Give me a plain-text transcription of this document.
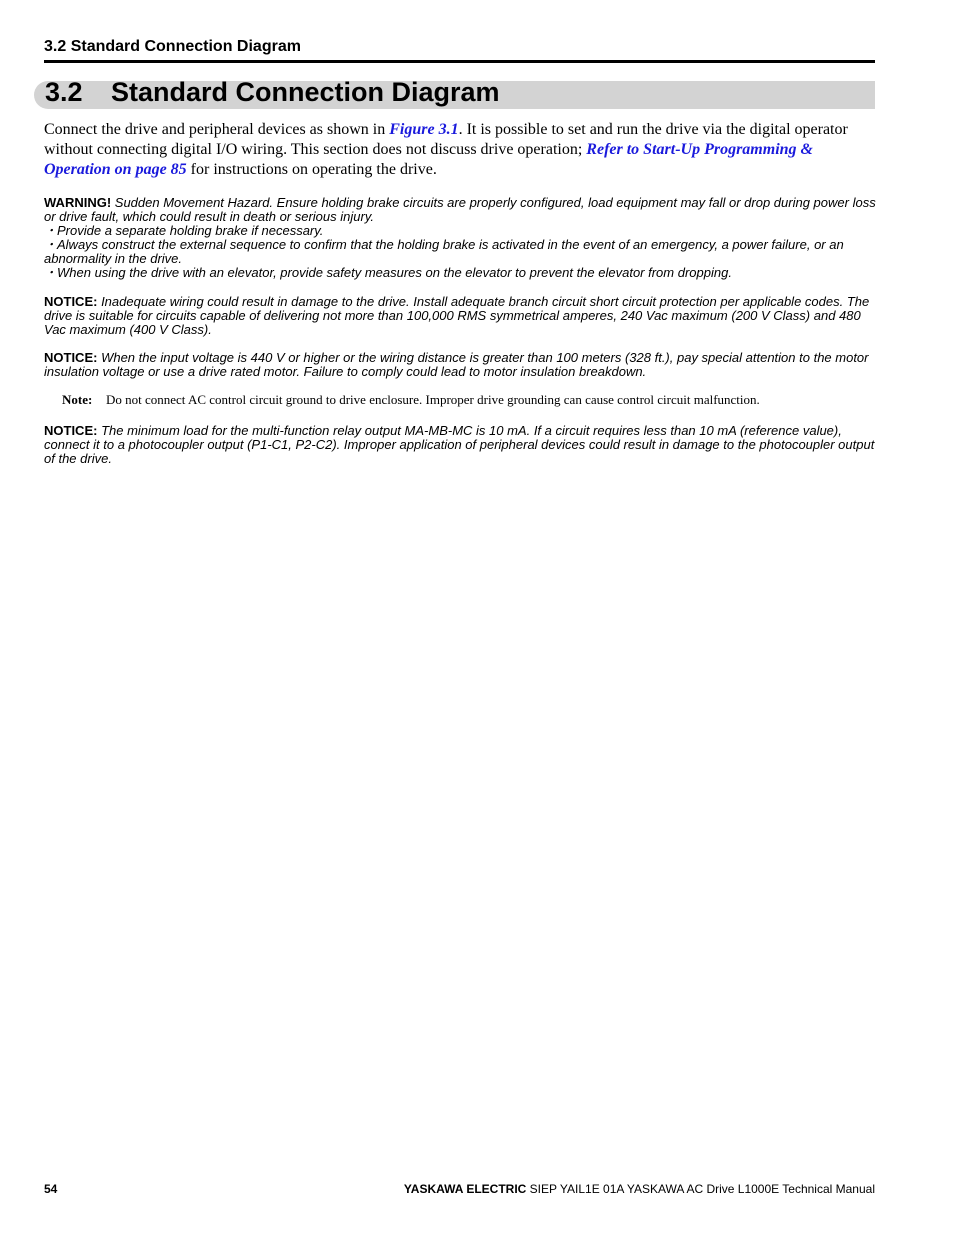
3.2 Standard Connection Diagram
3.2 Standard Connection Diagram

Connect the drive and peripheral devices as shown in Figure 3.1. It is possible to set and run the drive via the digital operator without connecting digital I/O wiring. This section does not discuss drive operation; Refer to Start-Up Programming & Operation on page 85 for instructions on operating the drive.

WARNING! Sudden Movement Hazard. Ensure holding brake circuits are properly configured, load equipment may fall or drop during power loss or drive fault, which could result in death or serious injury.
・Provide a separate holding brake if necessary.
・Always construct the external sequence to confirm that the holding brake is activated in the event of an emergency, a power failure, or an abnormality in the drive.
・When using the drive with an elevator, provide safety measures on the elevator to prevent the elevator from dropping.

NOTICE: Inadequate wiring could result in damage to the drive. Install adequate branch circuit short circuit protection per applicable codes. The drive is suitable for circuits capable of delivering not more than 100,000 RMS symmetrical amperes, 240 Vac maximum (200 V Class) and 480 Vac maximum (400 V Class).

NOTICE: When the input voltage is 440 V or higher or the wiring distance is greater than 100 meters (328 ft.), pay special attention to the motor insulation voltage or use a drive rated motor. Failure to comply could lead to motor insulation breakdown.

Note: Do not connect AC control circuit ground to drive enclosure. Improper drive grounding can cause control circuit malfunction.

NOTICE: The minimum load for the multi-function relay output MA-MB-MC is 10 mA. If a circuit requires less than 10 mA (reference value), connect it to a photocoupler output (P1-C1, P2-C2). Improper application of peripheral devices could result in damage to the photocoupler output of the drive.

54	YASKAWA ELECTRIC SIEP YAIL1E 01A YASKAWA AC Drive L1000E Technical Manual
